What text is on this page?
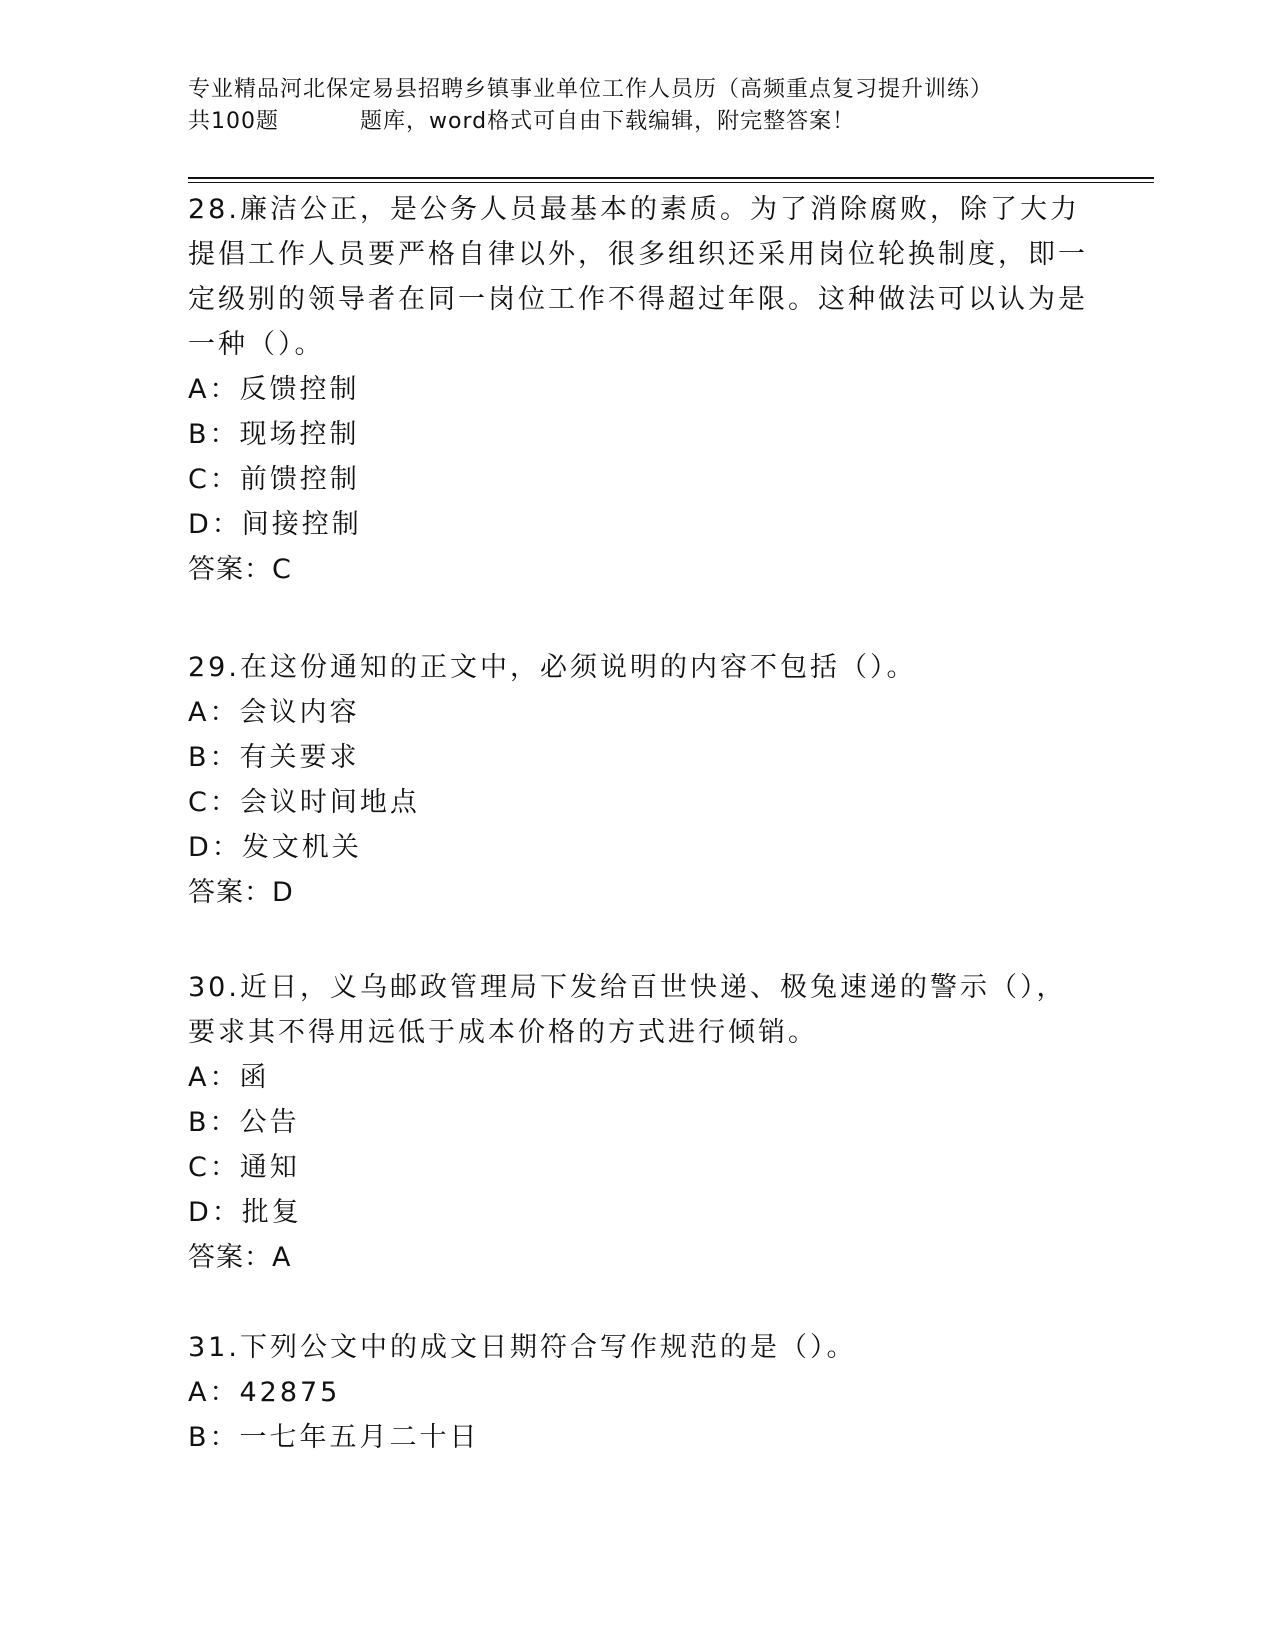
专业精品河北保定易县招聘乡镇事业单位工作人员历（高频重点复习提升训练）
共100题	题库，word格式可自由下载编辑，附完整答案！

28.廉洁公正，是公务人员最基本的素质。为了消除腐败，除了大力提倡工作人员要严格自律以外，很多组织还采用岗位轮换制度，即一定级别的领导者在同一岗位工作不得超过年限。这种做法可以认为是一种（）。

A：反馈控制
B：现场控制
C：前馈控制
D：间接控制
答案：C

29.在这份通知的正文中，必须说明的内容不包括（）。

A：会议内容
B：有关要求
C：会议时间地点
D：发文机关
答案：D

30.近日，义乌邮政管理局下发给百世快递、极兔速递的警示（），要求其不得用远低于成本价格的方式进行倾销。

A：函
B：公告
C：通知
D：批复
答案：A

31.下列公文中的成文日期符合写作规范的是（）。

A：42875
B：一七年五月二十日
